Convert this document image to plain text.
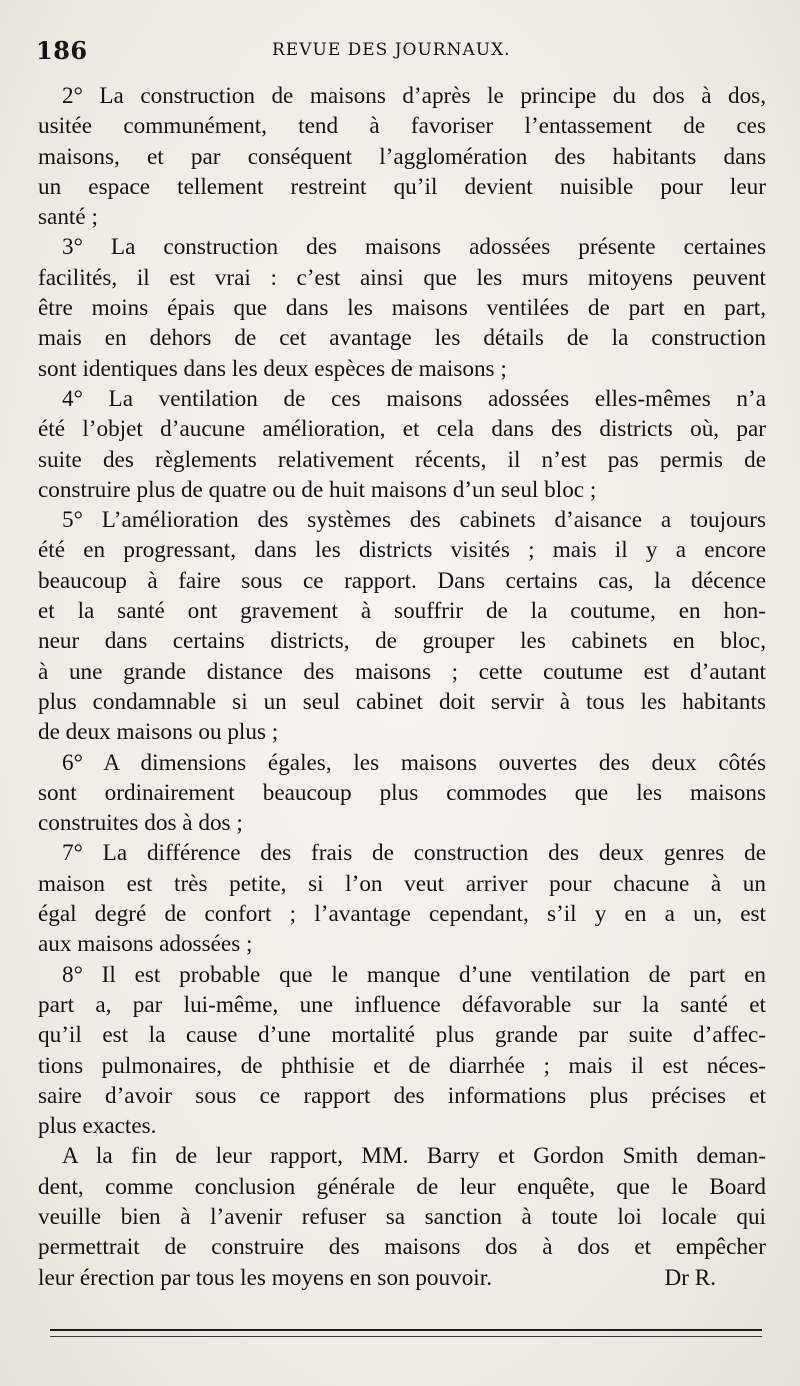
186	REVUE DES JOURNAUX.
2° La construction de maisons d’après le principe du dos à dos,
usitée communément, tend à favoriser l’entassement de ces
maisons, et par conséquent l’agglomération des habitants dans
un espace tellement restreint qu’il devient nuisible pour leur
santé ;
3° La construction des maisons adossées présente certaines
facilités, il est vrai : c’est ainsi que les murs mitoyens peuvent
être moins épais que dans les maisons ventilées de part en part,
mais en dehors de cet avantage les détails de la construction
sont identiques dans les deux espèces de maisons ;
4° La ventilation de ces maisons adossées elles-mêmes n’a
été l’objet d’aucune amélioration, et cela dans des districts où, par
suite des règlements relativement récents, il n’est pas permis de
construire plus de quatre ou de huit maisons d’un seul bloc ;
5° L’amélioration des systèmes des cabinets d’aisance a toujours
été en progressant, dans les districts visités ; mais il y a encore
beaucoup à faire sous ce rapport. Dans certains cas, la décence
et la santé ont gravement à souffrir de la coutume, en hon-
neur dans certains districts, de grouper les cabinets en bloc,
à une grande distance des maisons ; cette coutume est d’autant
plus condamnable si un seul cabinet doit servir à tous les habitants
de deux maisons ou plus ;
6° A dimensions égales, les maisons ouvertes des deux côtés
sont ordinairement beaucoup plus commodes que les maisons
construites dos à dos ;
7° La différence des frais de construction des deux genres de
maison est très petite, si l’on veut arriver pour chacune à un
égal degré de confort ; l’avantage cependant, s’il y en a un, est
aux maisons adossées ;
8° Il est probable que le manque d’une ventilation de part en
part a, par lui-même, une influence défavorable sur la santé et
qu’il est la cause d’une mortalité plus grande par suite d’affec-
tions pulmonaires, de phthisie et de diarrhée ; mais il est néces-
saire d’avoir sous ce rapport des informations plus précises et
plus exactes.
A la fin de leur rapport, MM. Barry et Gordon Smith deman-
dent, comme conclusion générale de leur enquête, que le Board
veuille bien à l’avenir refuser sa sanction à toute loi locale qui
permettrait de construire des maisons dos à dos et empêcher
leur érection par tous les moyens en son pouvoir.	Dr R.
